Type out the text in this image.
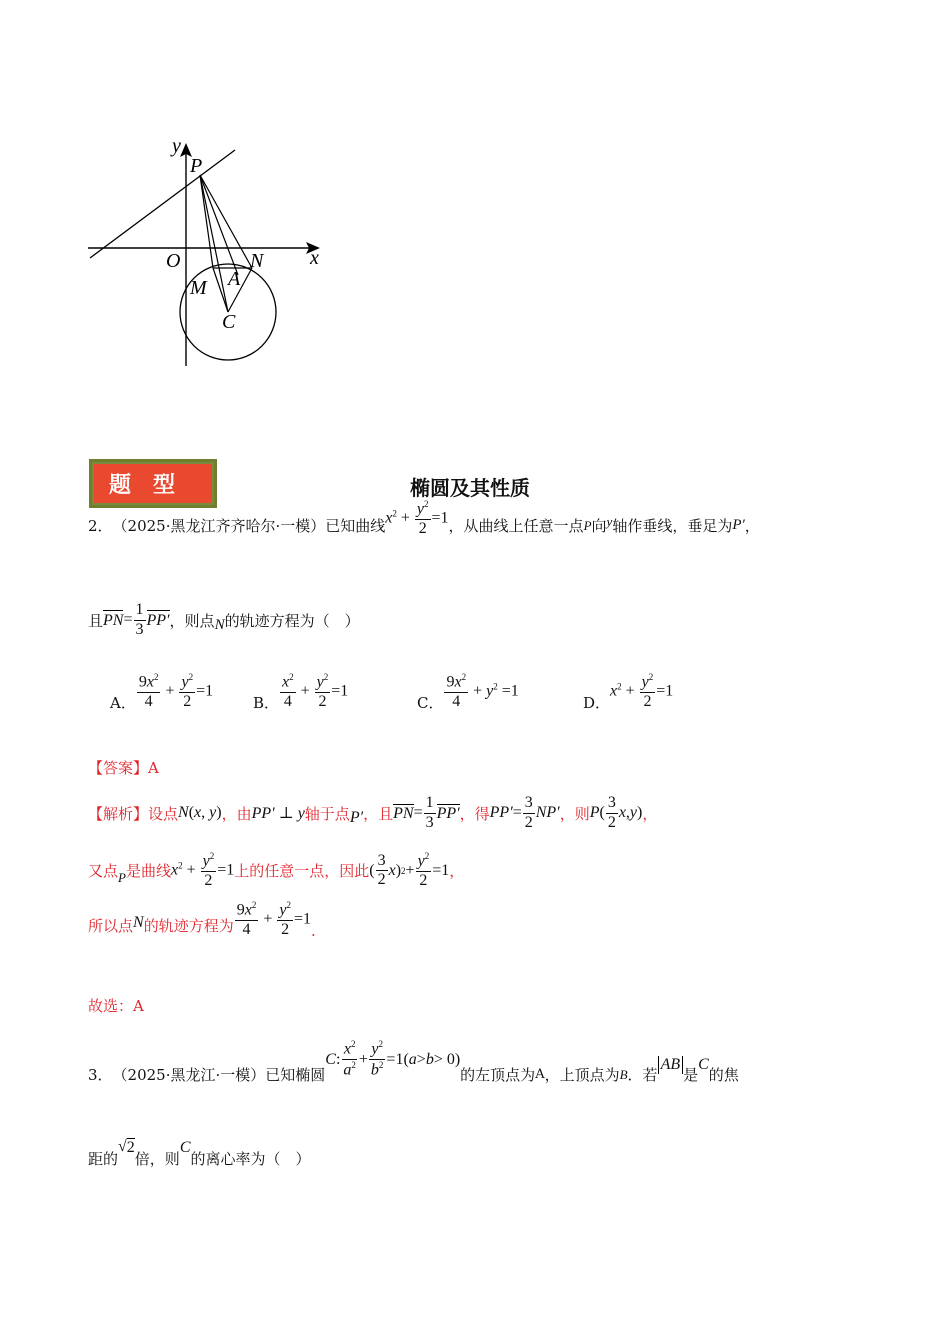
y
P
O	N x
M A
C
题型	椭圆及其性质
2． （2025·黑龙江齐齐哈尔·一模）已知曲线 $x^2 + \frac{y^2}{2} =1$ ，从曲线上任意一点 P 向 y 轴作垂线，垂足为 P′ ，
且 PN = $\frac{1}{3} PP'$ ，则点 N 的轨迹方程为（　）
A． $\frac{9x^2}{4} + \frac{y^2}{2} =1$
B． $\frac{x^2}{4} + \frac{y^2}{2} =1$
C． $\frac{9x^2}{4} + y^2 =1$
D．
$x^2 + \frac{y^2}{2} =1$
【答案】A
【解析】 设点 N(x, y) ，由 PP′ ⊥ y 轴于点 P′ ，且 PN = $\frac{1}{3} PP'$ ，得 $PP' = \frac{3}{2} NP'$ ，则 P ( $\frac{3}{2}$ x , y ) ，
又点 P 是曲线 $x^2 + \frac{y^2}{2} =1$ 上的任意一点，因此 ( $\frac{3}{2}$ x ) $2 + \frac{y^2}{2} =1$ ，
所以点 N 的轨迹方程为 $\frac{9x^2}{4} + \frac{y^2}{2} =1$
.
故选：A
3． （2025·黑龙江·一模）已知椭圆
C : $\frac{x^2}{a^2} + \frac{y^2}{b^2} =1$( a > b > 0)
的左顶点为 A ，上顶点为 B ．若
AB
是
C
的焦
距的
√ 2
倍，则
C
的离心率为（　）
